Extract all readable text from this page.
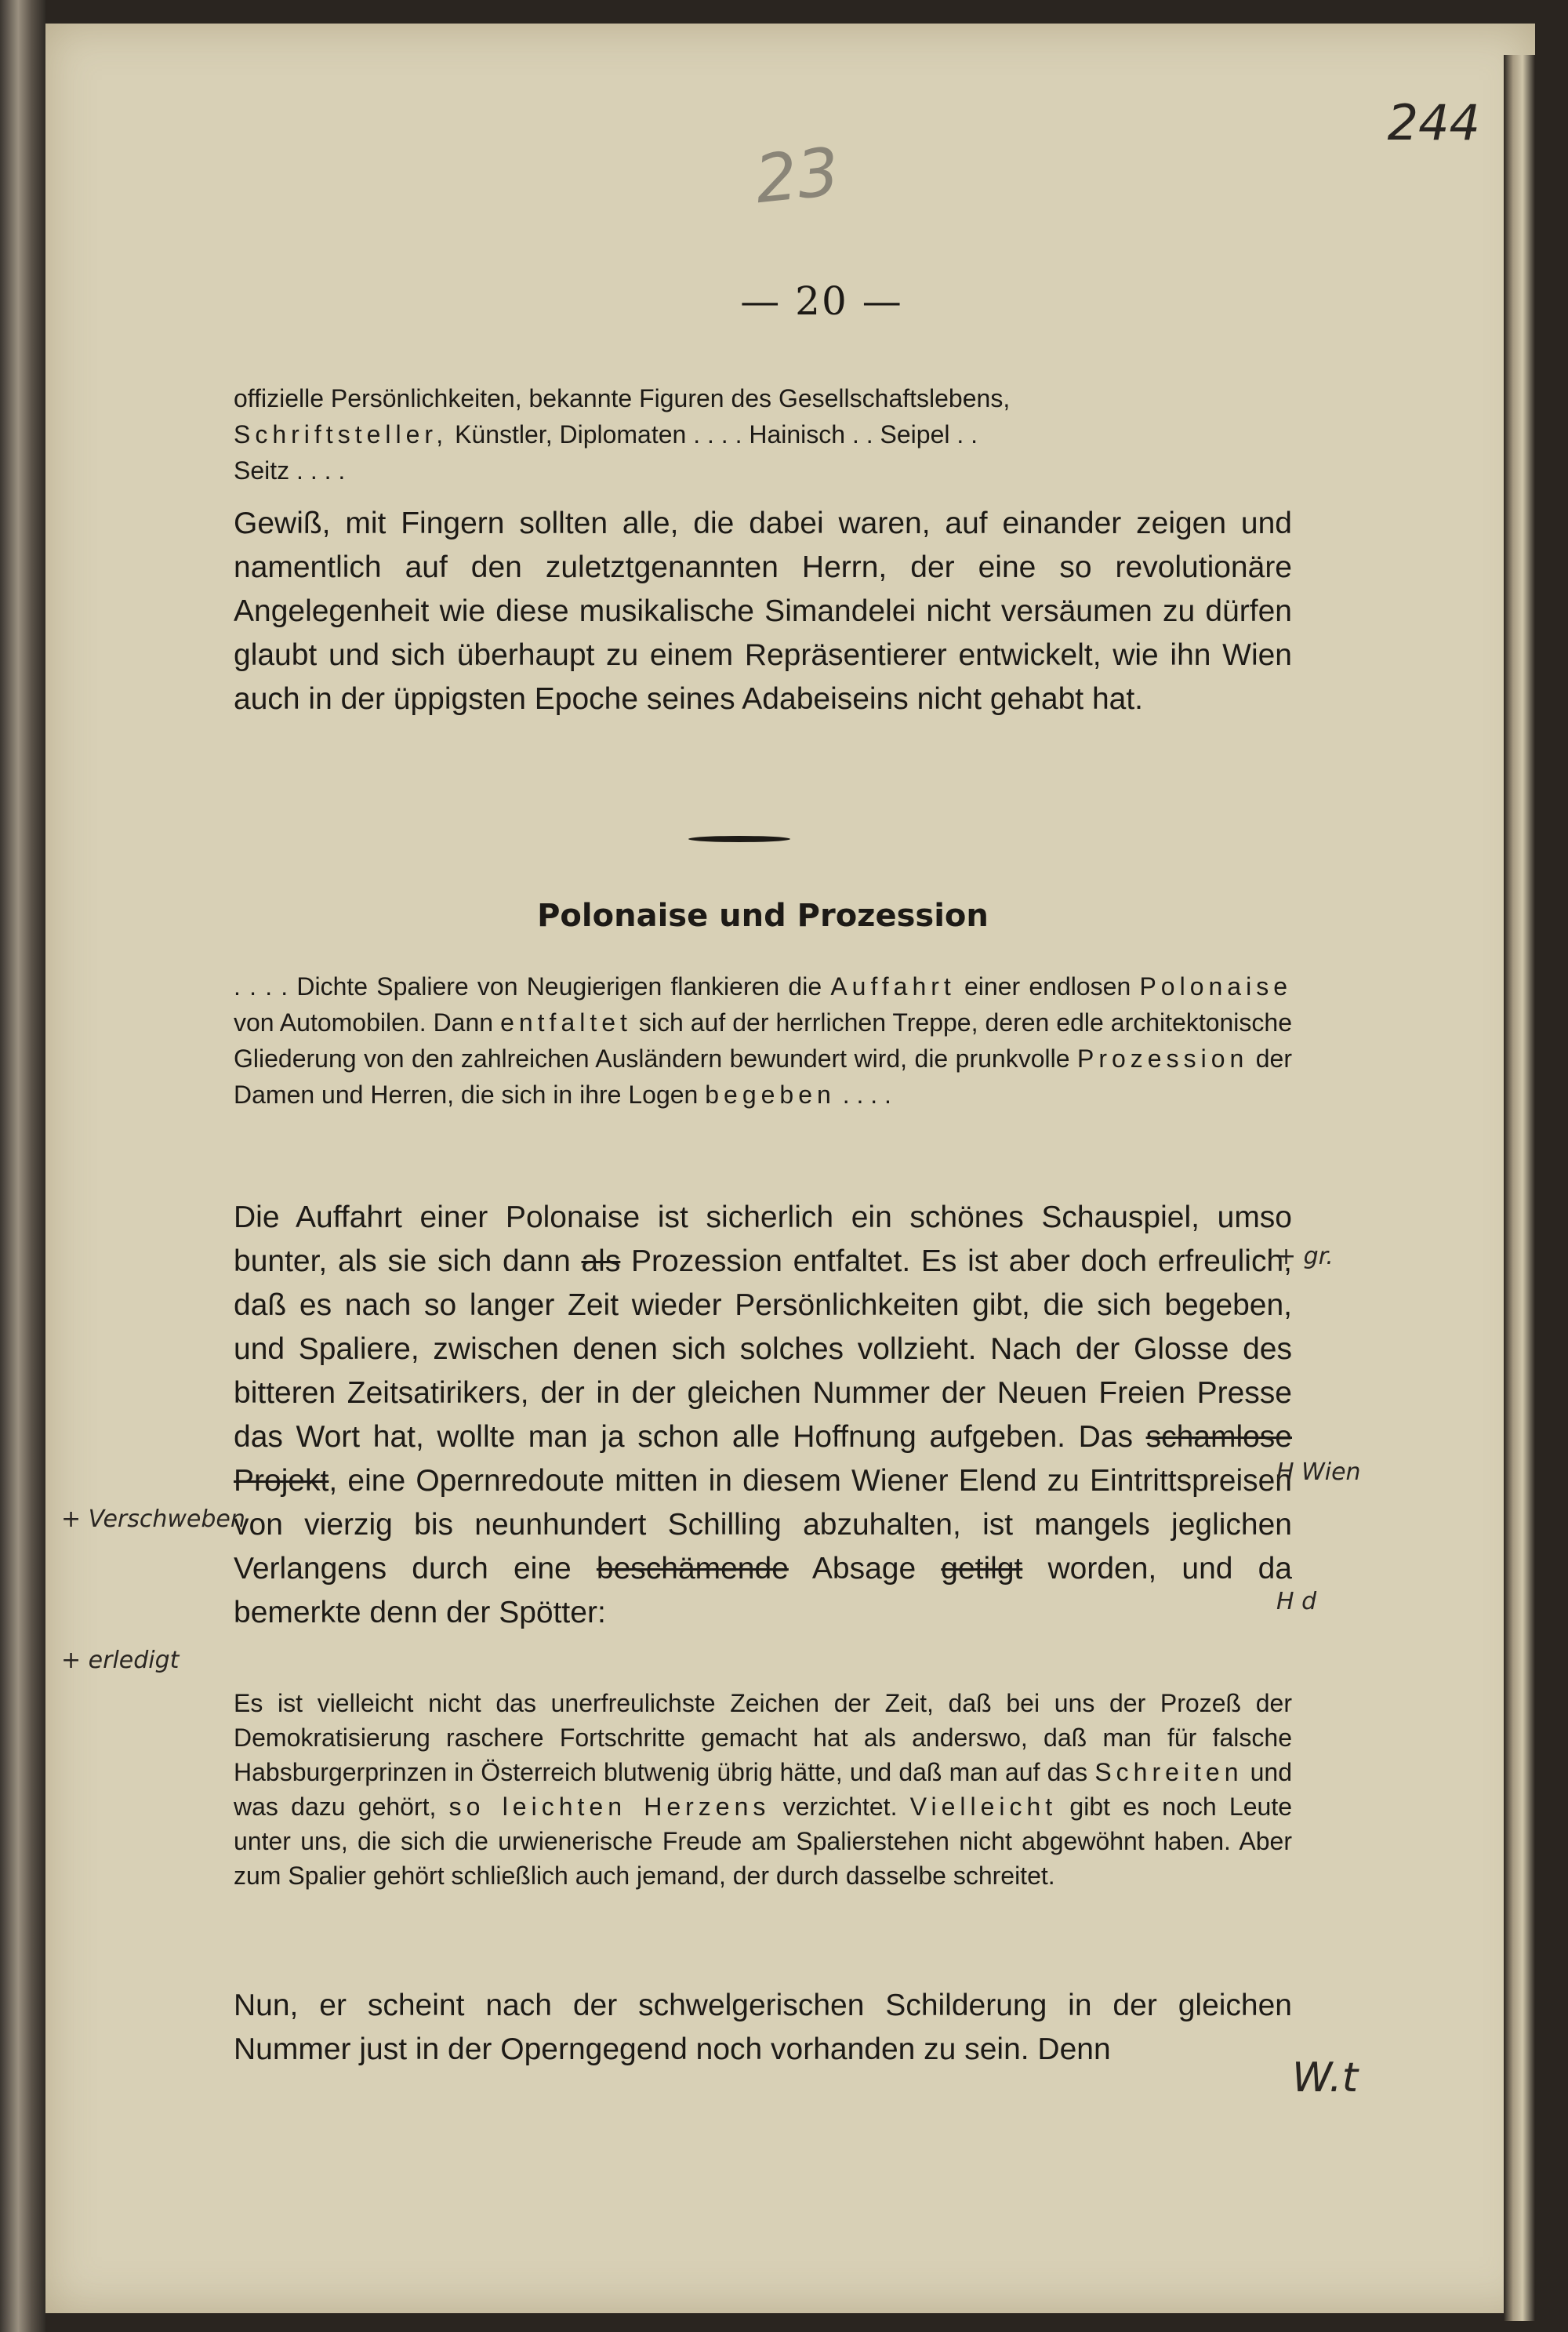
23
244
— 20 —

offizielle Persönlichkeiten, bekannte Figuren des Gesellschaftslebens,

Schriftsteller, Künstler, Diplomaten . . . . Hainisch . . Seipel . .

Seitz . . . .

Gewiß, mit Fingern sollten alle, die dabei waren, auf einander zeigen und namentlich auf den zuletztgenannten Herrn, der eine so revolutionäre Angelegenheit wie diese musikalische Simandelei nicht versäumen zu dürfen glaubt und sich überhaupt zu einem Repräsentierer entwickelt, wie ihn Wien auch in der üppigsten Epoche seines Adabeiseins nicht gehabt hat.

Polonaise und Prozession

. . . . Dichte Spaliere von Neugierigen flankieren die Auffahrt einer endlosen Polonaise von Automobilen. Dann entfaltet sich auf der herrlichen Treppe, deren edle architektonische Gliederung von den zahlreichen Ausländern bewundert wird, die prunkvolle Prozession der Damen und Herren, die sich in ihre Logen begeben . . . .

Die Auffahrt einer Polonaise ist sicherlich ein schönes Schauspiel, umso bunter, als sie sich dann als Prozession entfaltet. Es ist aber doch erfreulich, daß es nach so langer Zeit wieder Persönlichkeiten gibt, die sich begeben, und Spaliere, zwischen denen sich solches vollzieht. Nach der Glosse des bitteren Zeitsatirikers, der in der gleichen Nummer der Neuen Freien Presse das Wort hat, wollte man ja schon alle Hoffnung aufgeben. Das schamlose Projekt, eine Opernredoute mitten in diesem Wiener Elend zu Eintrittspreisen von vierzig bis neunhundert Schilling abzuhalten, ist mangels jeglichen Verlangens durch eine beschämende Absage getilgt worden, und da bemerkte denn der Spötter:

Es ist vielleicht nicht das unerfreulichste Zeichen der Zeit, daß bei uns der Prozeß der Demokratisierung raschere Fortschritte gemacht hat als anderswo, daß man für falsche Habsburgerprinzen in Österreich blutwenig übrig hätte, und daß man auf das Schreiten und was dazu gehört, so leichten Herzens verzichtet. Vielleicht gibt es noch Leute unter uns, die sich die urwienerische Freude am Spalierstehen nicht abgewöhnt haben. Aber zum Spalier gehört schließlich auch jemand, der durch dasselbe schreitet.

Nun, er scheint nach der schwelgerischen Schilderung in der gleichen Nummer just in der Operngegend noch vorhanden zu sein. Denn

+ gr.
H Wien
H d
W.t
+ Verschweben
+ erledigt
